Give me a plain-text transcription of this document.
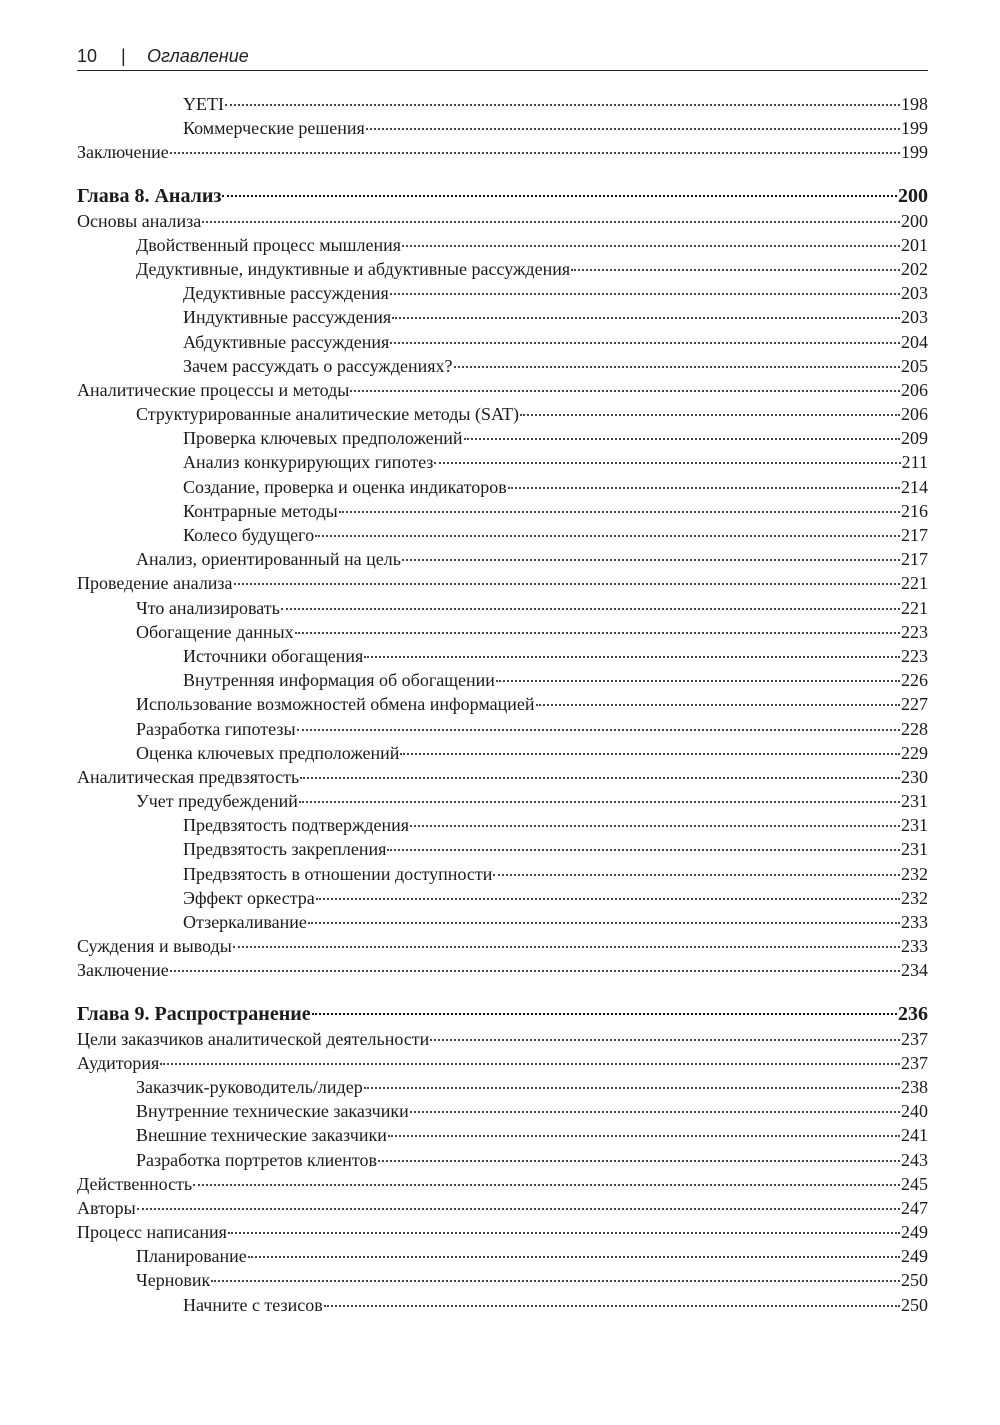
10 | Оглавление
YETI	198
Коммерческие решения	199
Заключение	199
Глава 8. Анализ	200
Основы анализа	200
Двойственный процесс мышления	201
Дедуктивные, индуктивные и абдуктивные рассуждения	202
Дедуктивные рассуждения	203
Индуктивные рассуждения	203
Абдуктивные рассуждения	204
Зачем рассуждать о рассуждениях?	205
Аналитические процессы и методы	206
Структурированные аналитические методы (SAT)	206
Проверка ключевых предположений	209
Анализ конкурирующих гипотез	211
Создание, проверка и оценка индикаторов	214
Контрарные методы	216
Колесо будущего	217
Анализ, ориентированный на цель	217
Проведение анализа	221
Что анализировать	221
Обогащение данных	223
Источники обогащения	223
Внутренняя информация об обогащении	226
Использование возможностей обмена информацией	227
Разработка гипотезы	228
Оценка ключевых предположений	229
Аналитическая предвзятость	230
Учет предубеждений	231
Предвзятость подтверждения	231
Предвзятость закрепления	231
Предвзятость в отношении доступности	232
Эффект оркестра	232
Отзеркаливание	233
Суждения и выводы	233
Заключение	234
Глава 9. Распространение	236
Цели заказчиков аналитической деятельности	237
Аудитория	237
Заказчик-руководитель/лидер	238
Внутренние технические заказчики	240
Внешние технические заказчики	241
Разработка портретов клиентов	243
Действенность	245
Авторы	247
Процесс написания	249
Планирование	249
Черновик	250
Начните с тезисов	250
